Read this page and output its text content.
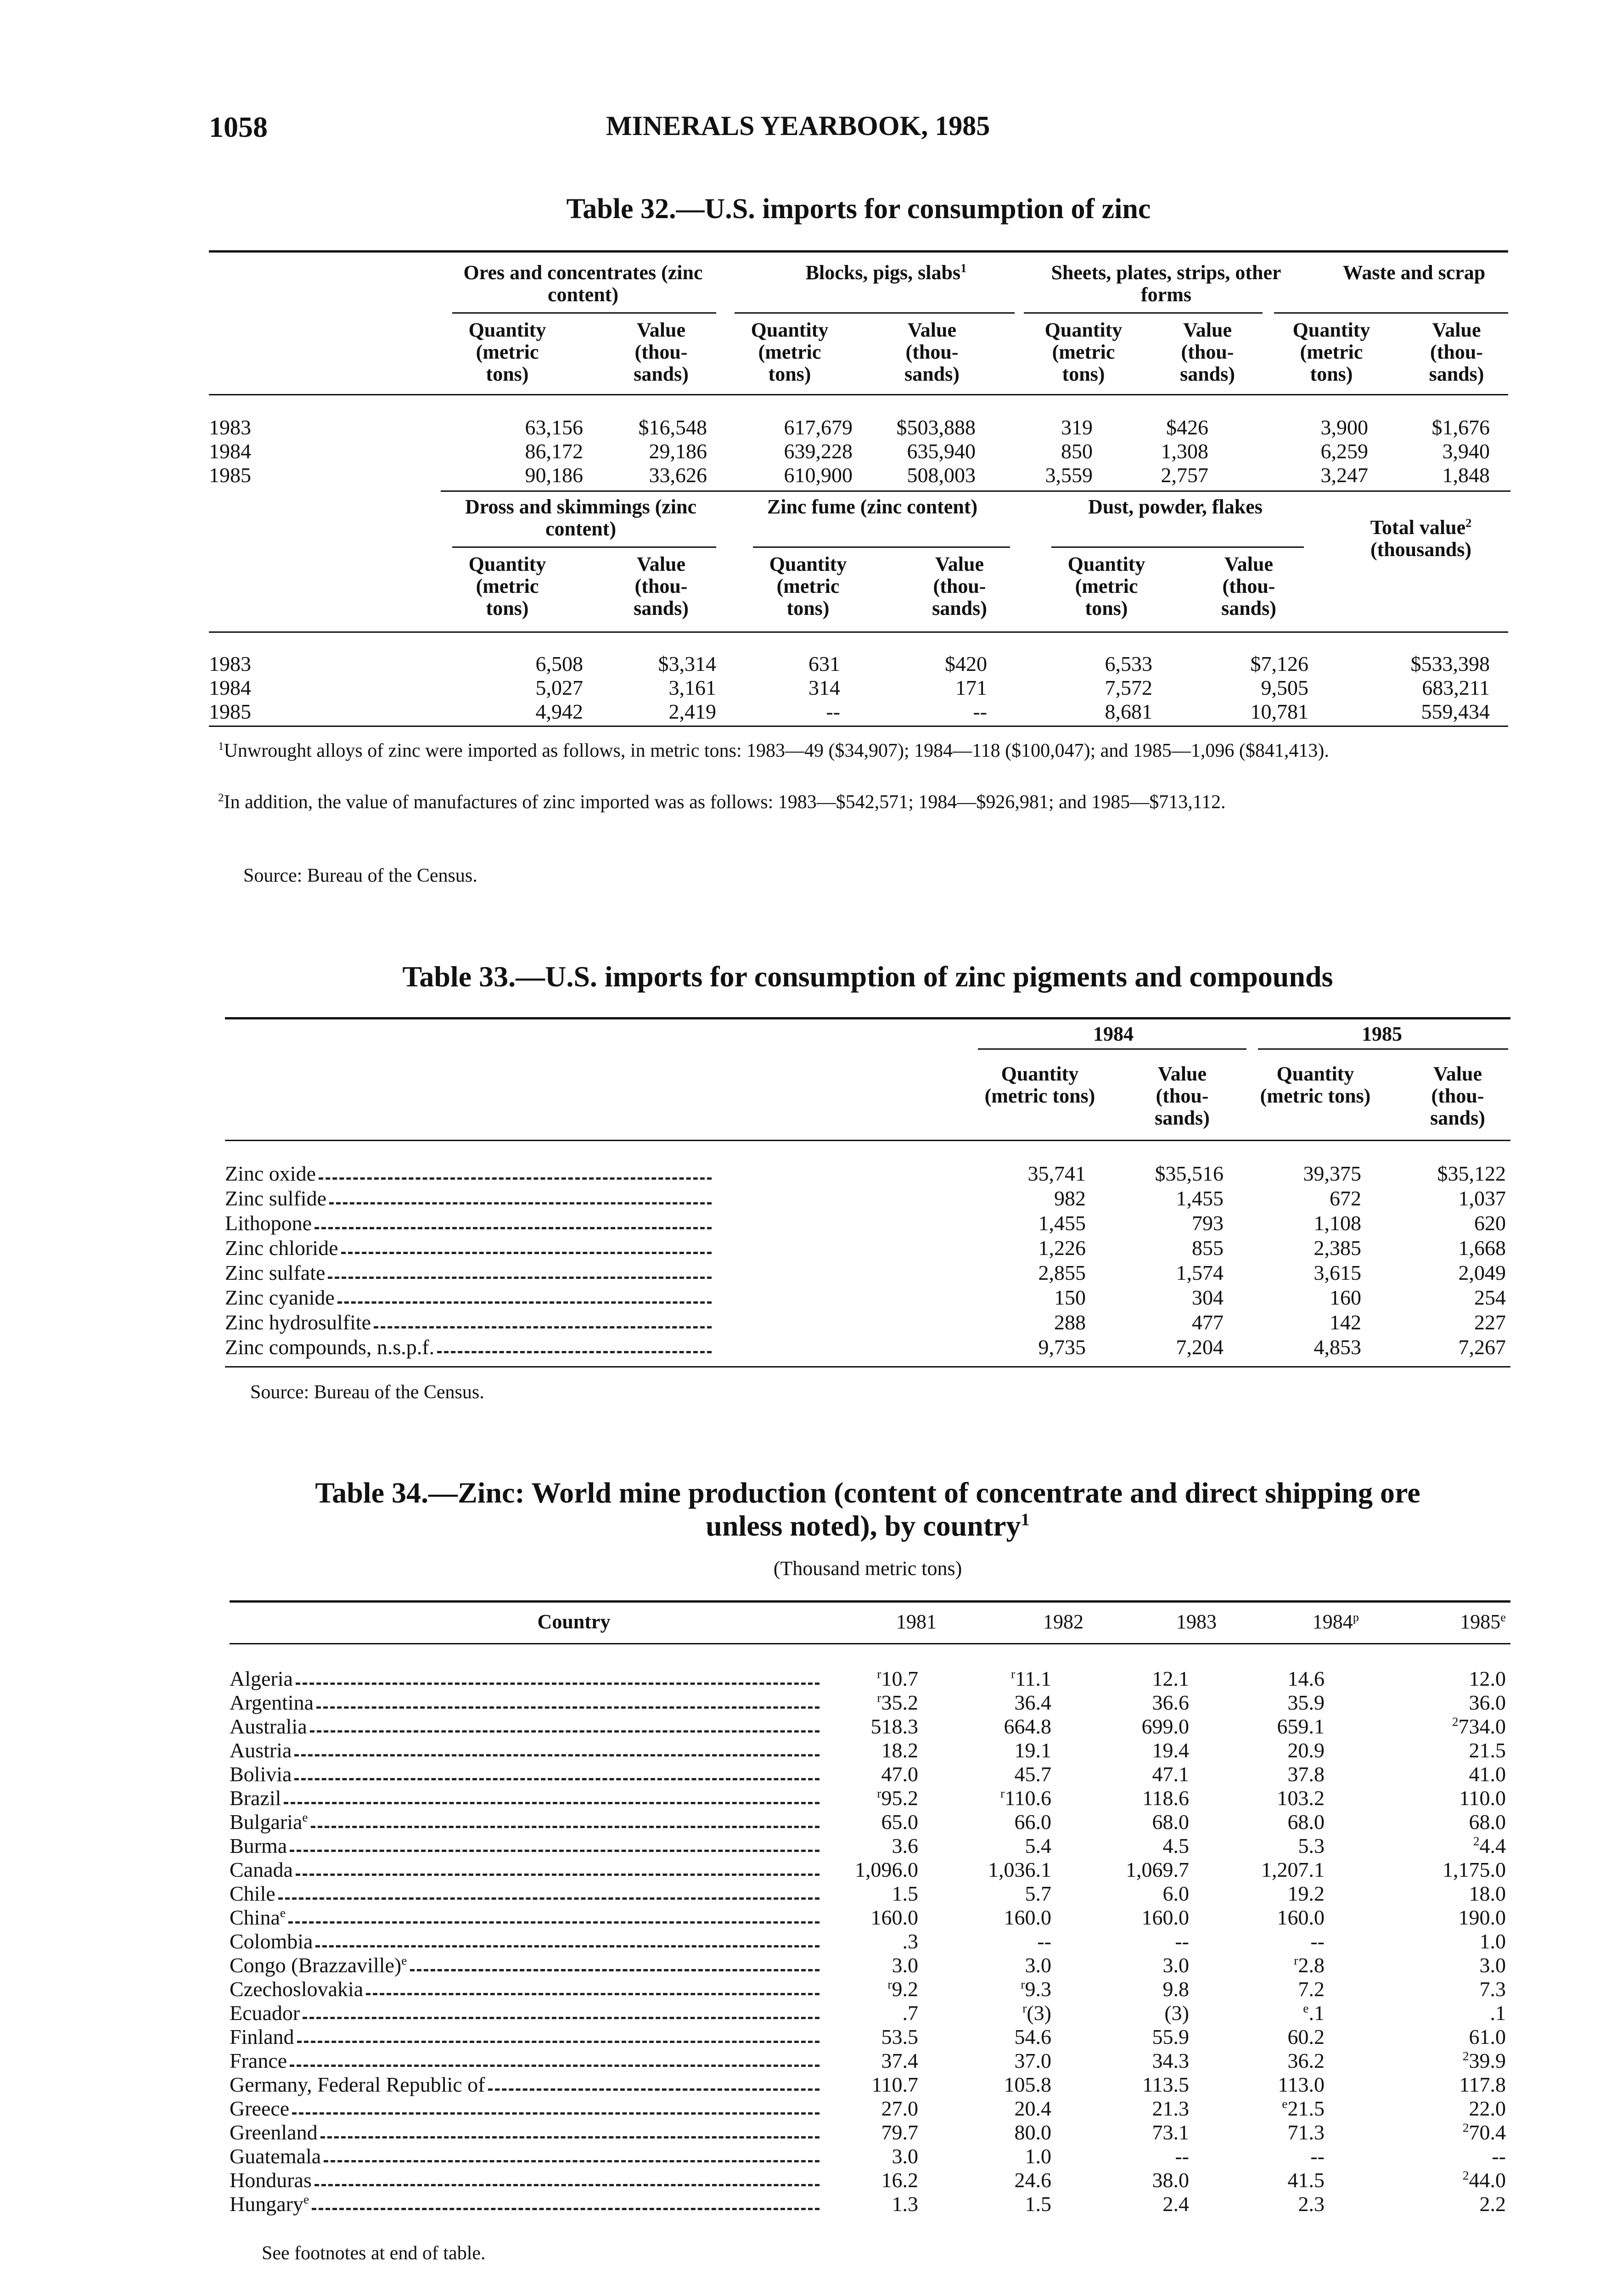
1058	MINERALS YEARBOOK, 1985
Table 32.—U.S. imports for consumption of zinc
Ores and concentrates (zinc content)
Blocks, pigs, slabs$^1$	Sheets, plates, strips, other forms
Waste and scrap
Quantity (metric tons)
Value (thou- sands)
Quantity (metric tons)
Value (thou- sands)
Quantity (metric tons)
Value (thou- sands)
Quantity (metric tons)
Value (thou- sands)
1983	63,156	$16,548	617,679 $503,888	319	$426	3,900	$1,676
1984	86,172	29,186	639,228	635,940	850	1,308	6,259	3,940
1985	90,186	33,626	610,900	508,003	3,559	2,757	3,247	1,848
Dross and skimmings (zinc content)
Zinc fume (zinc content)	Dust, powder, flakes
Total value$^2$
(thousands)
Quantity (metric tons)
Value (thou- sands)
Quantity (metric tons)
Value (thou- sands)
Quantity (metric tons)
Value (thou- sands)
1983	6,508	$3,314	631	$420	6,533	$7,126	$533,398
1984	5,027	3,161	314	171	7,572	9,505	683,211
1985	4,942	2,419	--	--	8,681	10,781	559,434
$^1$Unwrought alloys of zinc were imported as follows, in metric tons: 1983—49 ($34,907); 1984—118 ($100,047); and 1985—1,096 ($841,413).
$^2$In addition, the value of manufactures of zinc imported was as follows: 1983—$542,571; 1984—$926,981; and 1985—$713,112.
Source: Bureau of the Census.
Table 33.—U.S. imports for consumption of zinc pigments and compounds
1984	1985
Quantity (metric tons)
Value (thou- sands)
Quantity (metric tons)
Value (thou- sands)
Zinc oxide	35,741	$35,516	39,375	$35,122
Zinc sulfide	982	1,455	672	1,037
Lithopone	1,455	793	1,108	620
Zinc chloride	1,226	855	2,385	1,668
Zinc sulfate	2,855	1,574	3,615	2,049
Zinc cyanide	150	304	160	254
Zinc hydrosulfite	288	477	142	227
Zinc compounds, n.s.p.f.	9,735	7,204	4,853	7,267
Source: Bureau of the Census.
Table 34.—Zinc: World mine production (content of concentrate and direct shipping ore
unless noted), by country$^1$
(Thousand metric tons)
Country	1981	1982	1983	1984$^p$	1985e
Algeria	$^r$10.7	$^r$11.1	12.1	14.6	12.0
Argentina	$^r$35.2	36.4	36.6	35.9	36.0
Australia	518.3	664.8	699.0	659.1	$^2$734.0
Austria	18.2	19.1	19.4	20.9	21.5
Bolivia	47.0	45.7	47.1	37.8	41.0
Brazil	$^r$95.2	$^r$110.6	118.6	103.2	110.0
Bulgaria$^e$	65.0	66.0	68.0	68.0	68.0
Burma	3.6	5.4	4.5	5.3	$^2$4.4
Canada	1,096.0	1,036.1	1,069.7	1,207.1	1,175.0
Chile	1.5	5.7	6.0	19.2	18.0
China$^e$	160.0	160.0	160.0	160.0	190.0
Colombia	.3	--	--	--	1.0
Congo (Brazzaville)$^e$	3.0	3.0	3.0	$^r$2.8	3.0
Czechoslovakia	$^r$9.2	$^r$9.3	9.8	7.2	7.3
Ecuador	.7	$^r$(3)	(3)	$^e$.1	.1
Finland	53.5	54.6	55.9	60.2	61.0
France	37.4	37.0	34.3	36.2	$^2$39.9
Germany, Federal Republic of	110.7	105.8	113.5	113.0	117.8
Greece	27.0	20.4	21.3	$^e$21.5	22.0
Greenland	79.7	80.0	73.1	71.3	$^2$70.4
Guatemala	3.0	1.0	--	--	--
Honduras	16.2	24.6	38.0	41.5	$^2$44.0
Hungary$^e$	1.3	1.5	2.4	2.3	2.2
See footnotes at end of table.
